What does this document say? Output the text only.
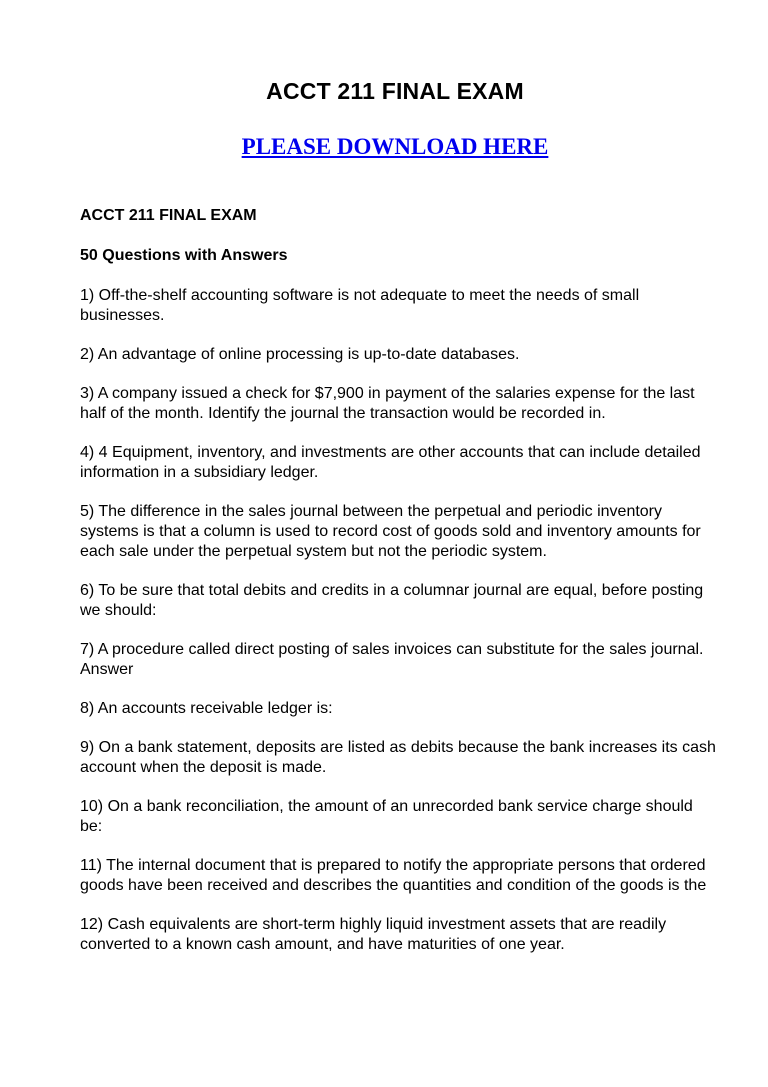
ACCT 211 FINAL EXAM
PLEASE DOWNLOAD HERE
ACCT 211 FINAL EXAM
50 Questions with Answers
1) Off-the-shelf accounting software is not adequate to meet the needs of small businesses.
2) An advantage of online processing is up-to-date databases.
3) A company issued a check for $7,900 in payment of the salaries expense for the last half of the month. Identify the journal the transaction would be recorded in.
4) 4 Equipment, inventory, and investments are other accounts that can include detailed information in a subsidiary ledger.
5) The difference in the sales journal between the perpetual and periodic inventory systems is that a column is used to record cost of goods sold and inventory amounts for each sale under the perpetual system but not the periodic system.
6) To be sure that total debits and credits in a columnar journal are equal, before posting we should:
7) A procedure called direct posting of sales invoices can substitute for the sales journal. Answer
8) An accounts receivable ledger is:
9) On a bank statement, deposits are listed as debits because the bank increases its cash account when the deposit is made.
10) On a bank reconciliation, the amount of an unrecorded bank service charge should be:
11) The internal document that is prepared to notify the appropriate persons that ordered goods have been received and describes the quantities and condition of the goods is the
12) Cash equivalents are short-term highly liquid investment assets that are readily converted to a known cash amount, and have maturities of one year.
